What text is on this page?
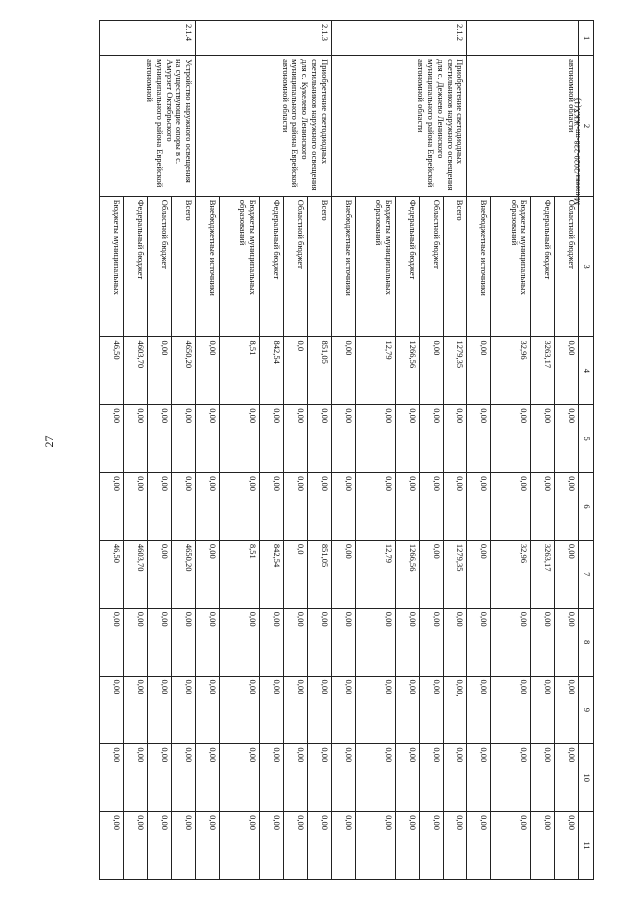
27
Минеева/2020-238-пп-ЖКХ(1)
1	2	3	4	5	6	7	8	9	10	11
	автономной области	Областной бюджет	0,00	0,00	0,00	0,00	0,00	0,00	0,00	0,00
		Федеральный бюджет	3263,17	0,00	0,00	3263,17	0,00	0,00	0,00	0,00
		Бюджеты муниципальных образований	32,96	0,00	0,00	32,96	0,00	0,00	0,00	0,00
		Внебюджетные источники	0,00	0,00	0,00	0,00	0,00	0,00	0,00	0,00
2.1.2	Приобретение светодиодных светильников наружного освещения для с. Дежнево Ленинского муниципального района Еврейской автономной области	Всего	1279,35	0,00	0,00	1279,35	0,00	0,00,	0,00	0,00
		Областной бюджет	0,00	0,00	0,00	0,00	0,00	0,00	0,00	0,00
		Федеральный бюджет	1266,56	0,00	0,00	1266,56	0,00	0,00	0,00	0,00
		Бюджеты муниципальных образований	12,79	0,00	0,00	12,79	0,00	0,00	0,00	0,00
		Внебюджетные источники	0,00	0,00	0,00	0,00	0,00	0,00	0,00	0,00
2.1.3	Приобретение светодиодных светильников наружного освещения для с. Кукелево Ленинского муниципального района Еврейской автономной области	Всего	851,05	0,00	0,00	851,05	0,00	0,00	0,00	0,00
		Областной бюджет	0,0	0,00	0,00	0,0	0,00	0,00	0,00	0,00
		Федеральный бюджет	842,54	0,00	0,00	842,54	0,00	0,00	0,00	0,00
		Бюджеты муниципальных образований	8,51	0,00	0,00	8,51	0,00	0,00	0,00	0,00
		Внебюджетные источники	0,00	0,00	0,00	0,00	0,00	0,00	0,00	0,00
2.1.4	Устройство наружного освещения на существующие опоры в с. Амурзет Октябрьского муниципального района Еврейской автономной	Всего	4650,20	0,00	0,00	4650,20	0,00	0,00	0,00	0,00
		Областной бюджет	0,00	0,00	0,00	0,00	0,00	0,00	0,00	0,00
		Федеральный бюджет	4603,70	0,00	0,00	4603,70	0,00	0,00	0,00	0,00
		Бюджеты муниципальных	46,50	0,00	0,00	46,50	0,00	0,00	0,00	0,00
